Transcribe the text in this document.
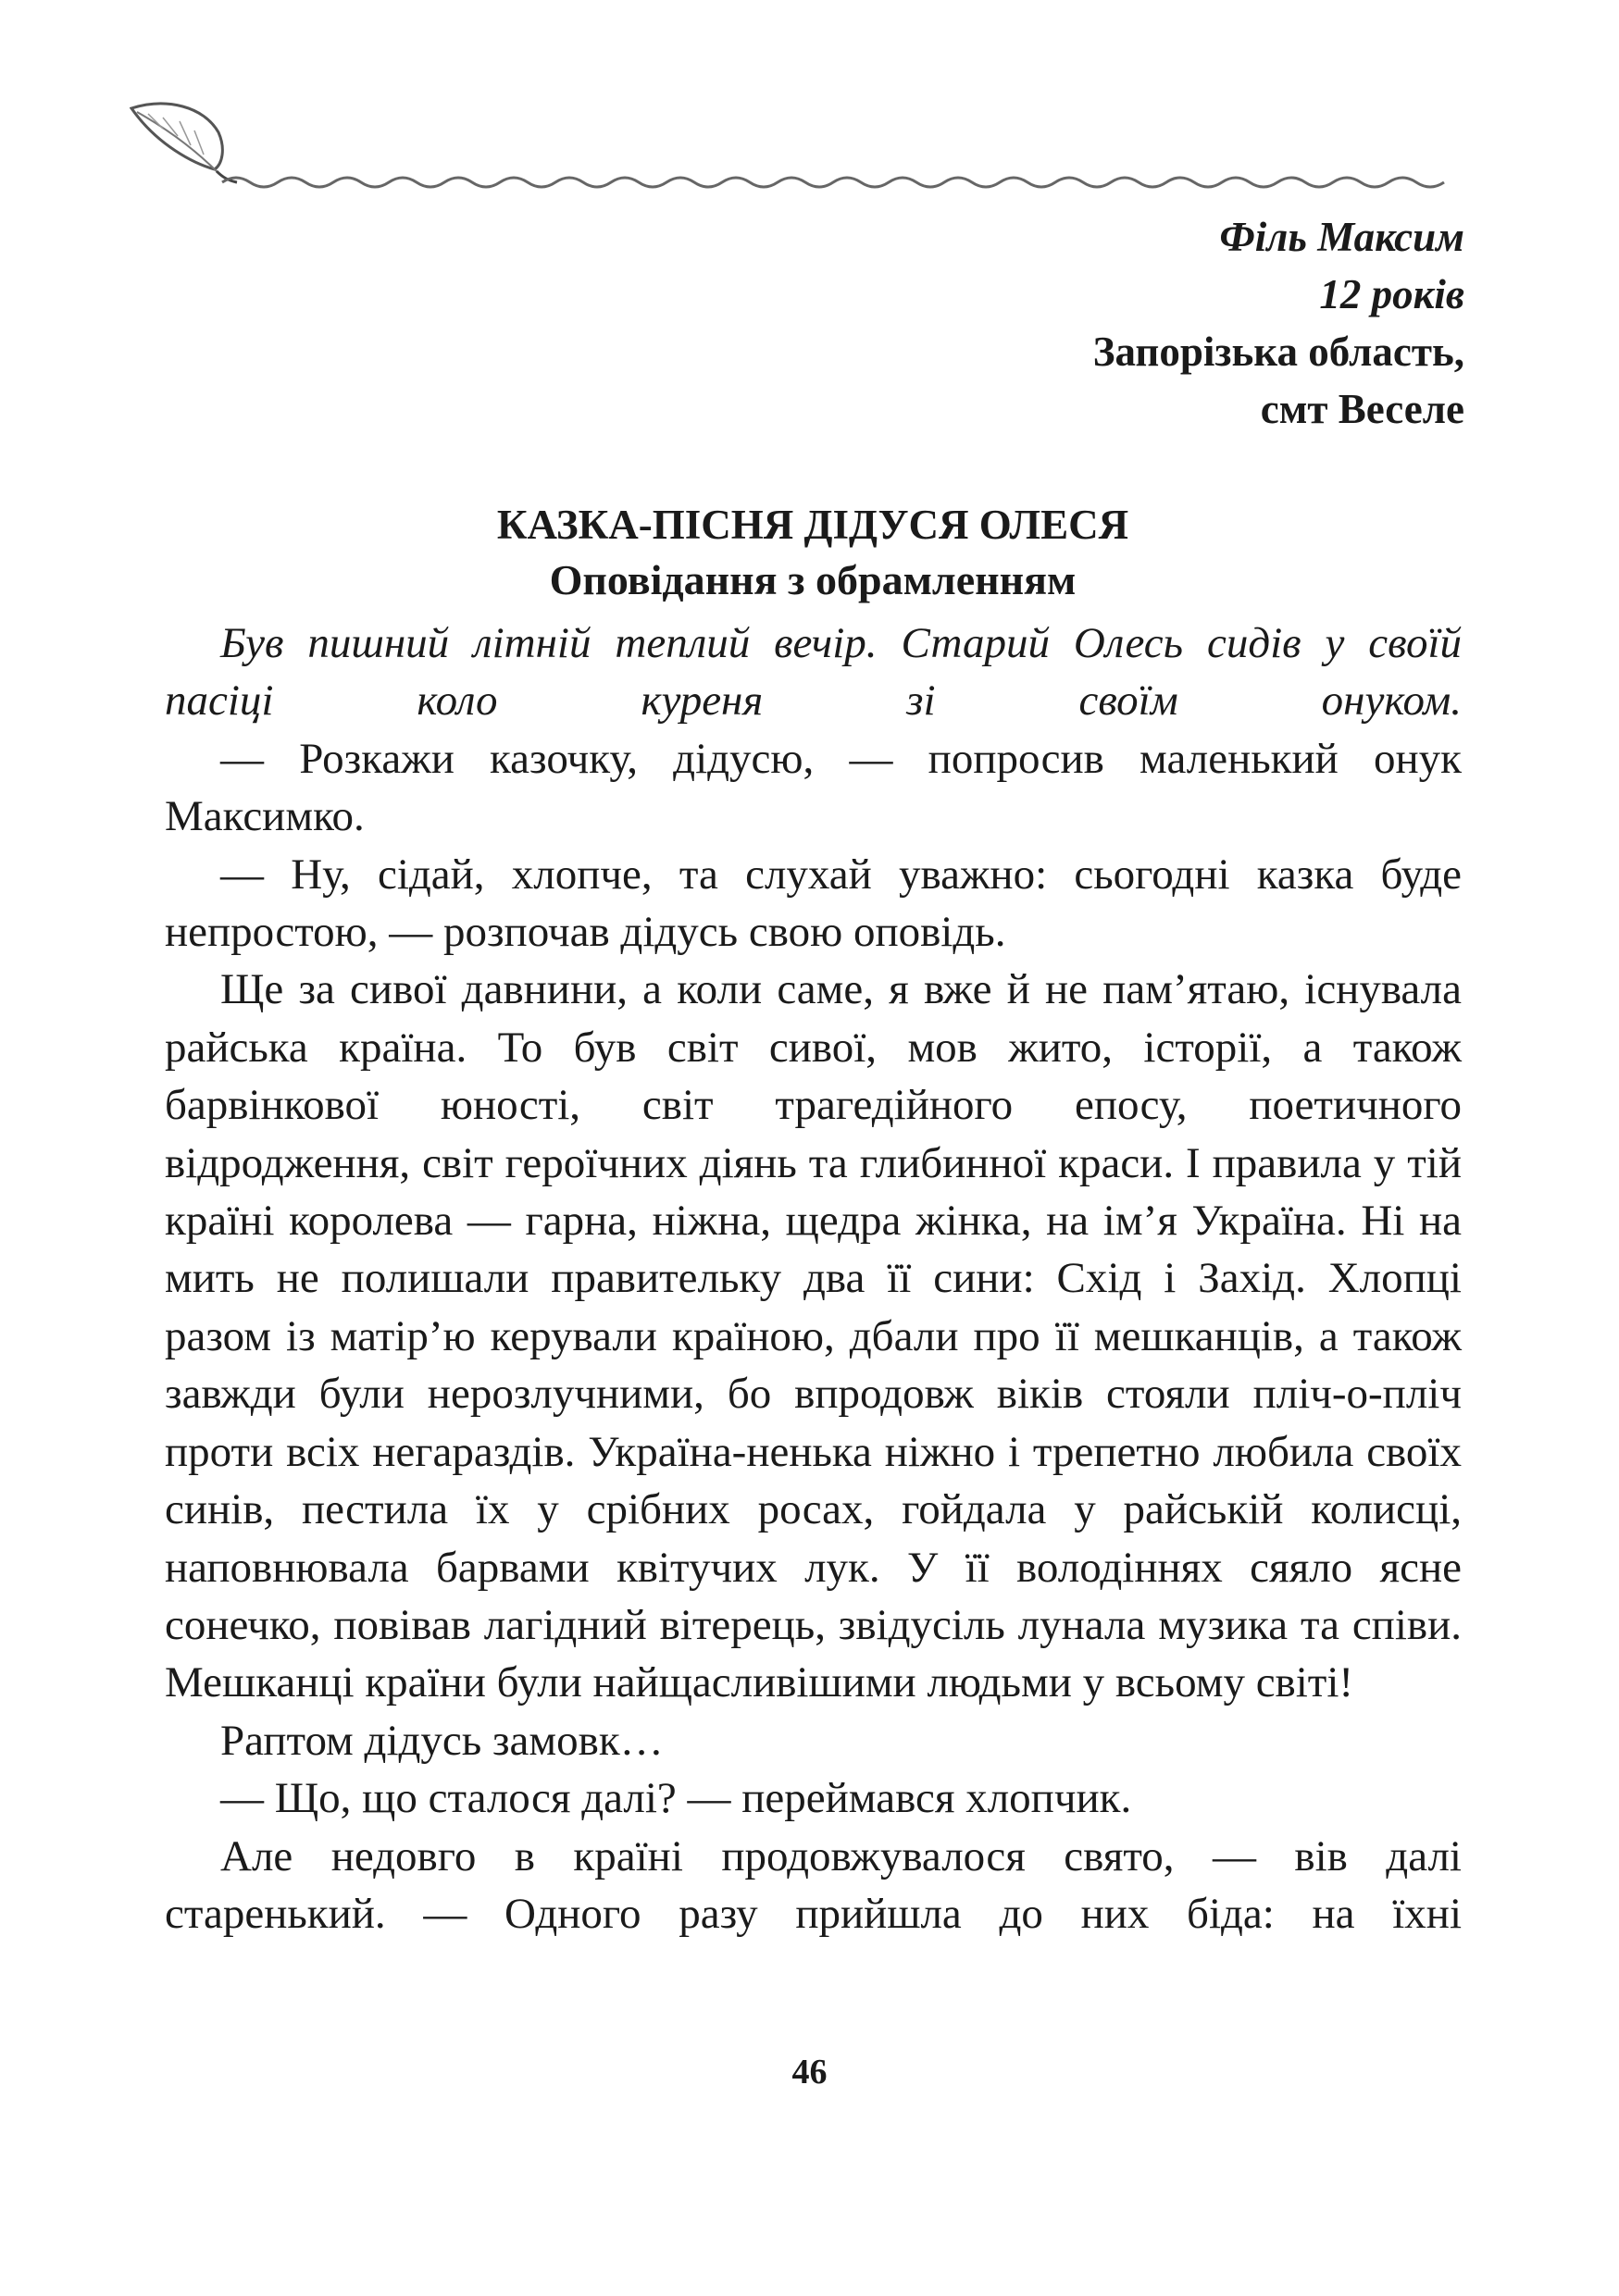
Філь Максим
12 років
Запорізька область,
смт Веселе
КАЗКА-ПІСНЯ ДІДУСЯ ОЛЕСЯ
Оповідання з обрамленням

Був пишний літній теплий вечір. Старий Олесь сидів у своїй пасіці коло куреня зі своїм онуком.

— Розкажи казочку, дідусю, — попросив маленький онук Максимко.

— Ну, сідай, хлопче, та слухай уважно: сьогодні казка буде непростою, — розпочав дідусь свою оповідь.

Ще за сивої давнини, а коли саме, я вже й не пам’ятаю, існувала райська країна. То був світ сивої, мов жито, історії, а також барвінкової юності, світ трагедійного епосу, поетичного відродження, світ героїчних діянь та глибинної краси. І правила у тій країні королева — гарна, ніжна, щедра жінка, на ім’я Україна. Ні на мить не полишали правительку два її сини: Схід і Захід. Хлопці разом із матір’ю керували країною, дбали про її мешканців, а також завжди були нерозлучними, бо впродовж віків стояли пліч-о-пліч проти всіх негараздів. Україна-ненька ніжно і трепетно любила своїх синів, пестила їх у срібних росах, гойдала у райській колисці, наповнювала барвами квітучих лук. У її володіннях сяяло ясне сонечко, повівав лагідний вітерець, звідусіль лунала музика та співи. Мешканці країни були найщасливішими людьми у всьому світі!

Раптом дідусь замовк…

— Що, що сталося далі? — переймався хлопчик.

Але недовго в країні продовжувалося свято, — вів далі старенький. — Одного разу прийшла до них біда: на їхні

46
